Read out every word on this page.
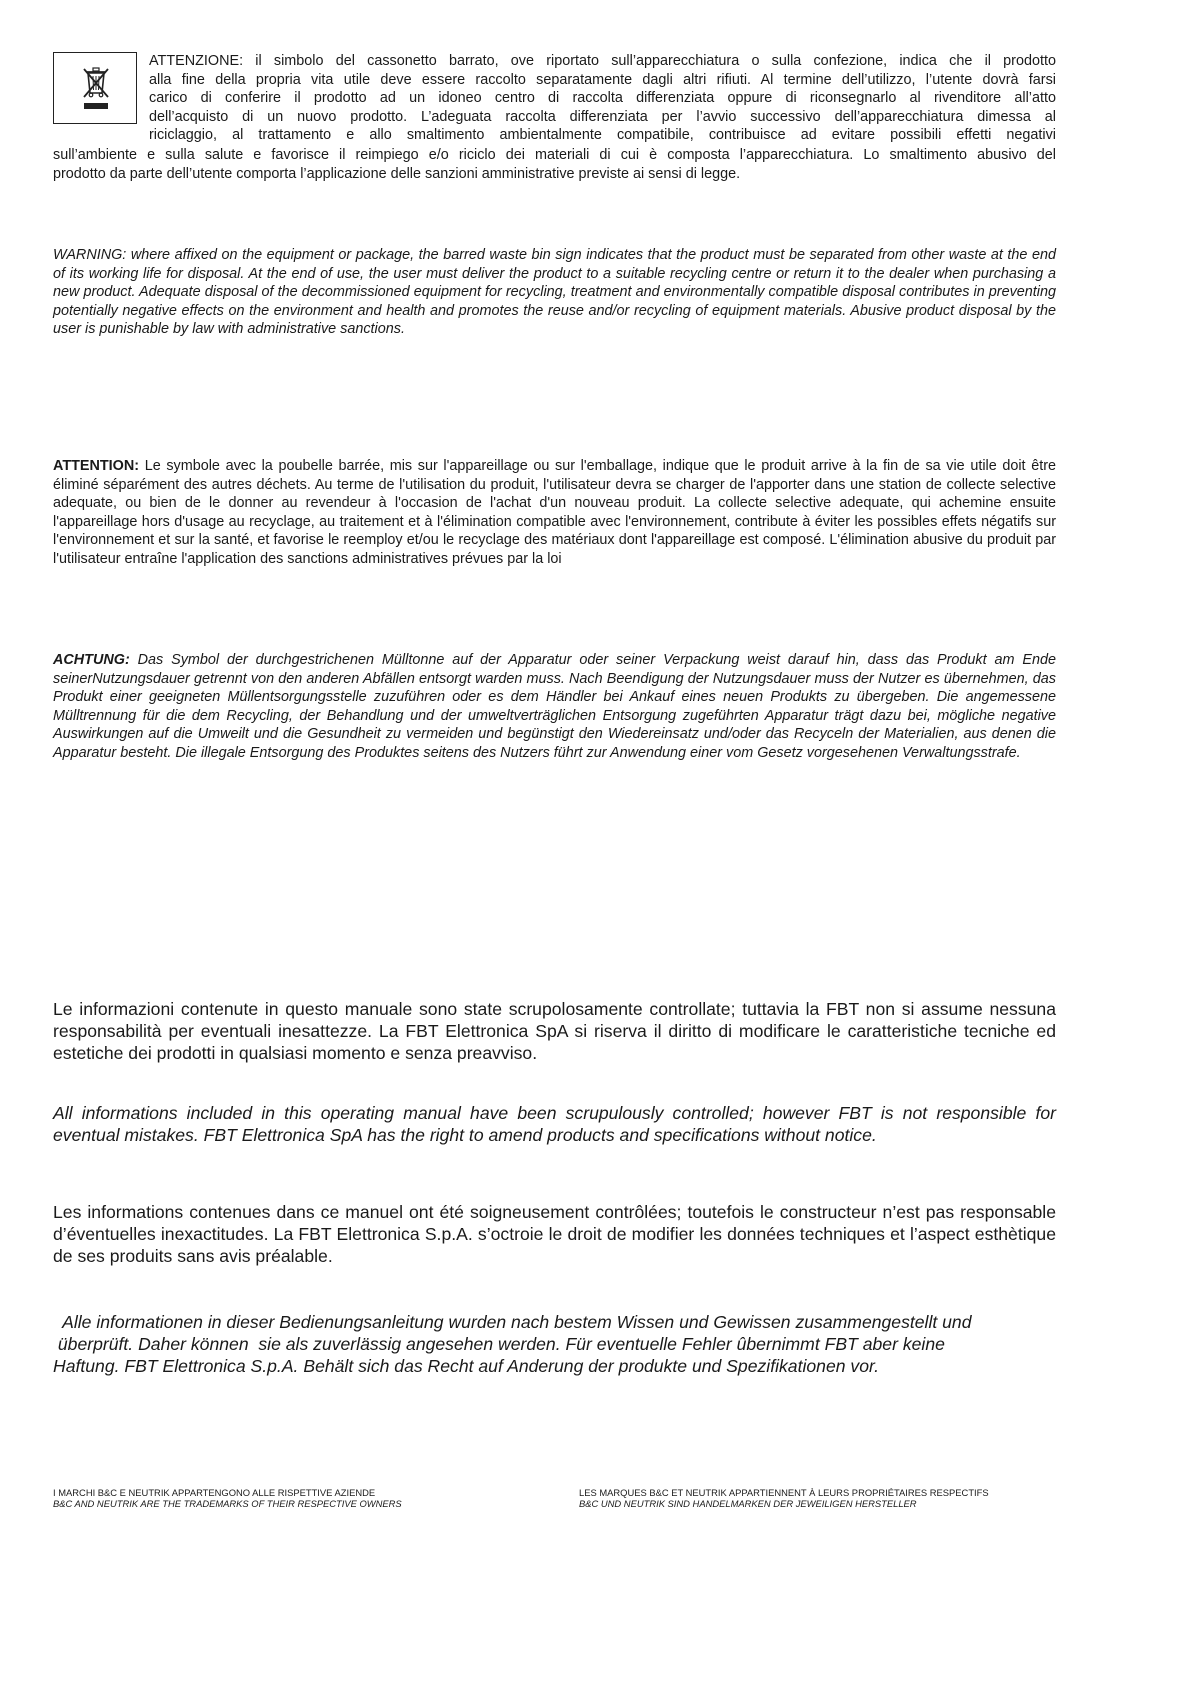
ATTENZIONE: il simbolo del cassonetto barrato, ove riportato sull’apparecchiatura o sulla confezione, indica che il prodotto
alla fine della propria vita utile deve essere raccolto separatamente dagli altri rifiuti. Al termine dell’utilizzo, l’utente dovrà farsi
carico di conferire il prodotto ad un idoneo centro di raccolta differenziata oppure di riconsegnarlo al rivenditore all’atto
dell’acquisto di un nuovo prodotto. L’adeguata raccolta differenziata per l’avvio successivo dell’apparecchiatura dimessa al
riciclaggio, al trattamento e allo smaltimento ambientalmente compatibile, contribuisce ad evitare possibili effetti negativi
sull’ambiente e sulla salute e favorisce il reimpiego e/o riciclo dei materiali di cui è composta l’apparecchiatura. Lo smaltimento abusivo del
prodotto da parte dell’utente comporta l’applicazione delle sanzioni amministrative previste ai sensi di legge.
WARNING: where affixed on the equipment or package, the barred waste bin sign indicates that the product must be separated from other waste at the end of its working life for disposal. At the end of use, the user must deliver the product to a suitable recycling centre or return it to the dealer when purchasing a new product. Adequate disposal of the decommissioned equipment for recycling, treatment and environmentally compatible disposal contributes in preventing potentially negative effects on the environment and health and promotes the reuse and/or recycling of equipment materials. Abusive product disposal by the user is punishable by law with administrative sanctions.
ATTENTION: Le symbole avec la poubelle barrée, mis sur l'appareillage ou sur l'emballage, indique que le produit arrive à la fin de sa vie utile doit être éliminé séparément des autres déchets. Au terme de l'utilisation du produit, l'utilisateur devra se charger de l'apporter dans une station de collecte selective adequate, ou bien de le donner au revendeur à l'occasion de l'achat d'un nouveau produit. La collecte selective adequate, qui achemine ensuite l'appareillage hors d'usage au recyclage, au traitement et à l'élimination compatible avec l'environnement, contribute à éviter les possibles effets négatifs sur l'environnement et sur la santé, et favorise le reemploy et/ou le recyclage des matériaux dont l'appareillage est composé. L'élimination abusive du produit par l'utilisateur entraîne l'application des sanctions administratives prévues par la loi
ACHTUNG: Das Symbol der durchgestrichenen Mülltonne auf der Apparatur oder seiner Verpackung weist darauf hin, dass das Produkt am Ende seinerNutzungsdauer getrennt von den anderen Abfällen entsorgt warden muss. Nach Beendigung der Nutzungsdauer muss der Nutzer es übernehmen, das Produkt einer geeigneten Müllentsorgungsstelle zuzuführen oder es dem Händler bei Ankauf eines neuen Produkts zu übergeben. Die angemessene Mülltrennung für die dem Recycling, der Behandlung und der umweltverträglichen Entsorgung zugeführten Apparatur trägt dazu bei, mögliche negative Auswirkungen auf die Umweilt und die Gesundheit zu vermeiden und begünstigt den Wiedereinsatz und/oder das Recyceln der Materialien, aus denen die Apparatur besteht. Die illegale Entsorgung des Produktes seitens des Nutzers führt zur Anwendung einer vom Gesetz vorgesehenen Verwaltungsstrafe.
Le informazioni contenute in questo manuale sono state scrupolosamente controllate; tuttavia la FBT non si assume nessuna responsabilità per eventuali inesattezze. La FBT Elettronica SpA si riserva il diritto di modificare le caratteristiche tecniche ed estetiche dei prodotti in qualsiasi momento e senza preavviso.
All informations included in this operating manual have been scrupulously controlled; however FBT is not responsible for eventual mistakes. FBT Elettronica SpA has the right to amend products and specifications without notice.
Les informations contenues dans ce manuel ont été soigneusement contrôlées; toutefois le constructeur n’est pas responsable d’éventuelles inexactitudes. La FBT Elettronica S.p.A. s’octroie le droit de modifier les données techniques et l’aspect esthètique de ses produits sans avis préalable.
Alle informationen in dieser Bedienungsanleitung wurden nach bestem Wissen und Gewissen zusammengestellt und
überprüft. Daher können  sie als zuverlässig angesehen werden. Für eventuelle Fehler ûbernimmt FBT aber keine
Haftung. FBT Elettronica S.p.A. Behält sich das Recht auf Anderung der produkte und Spezifikationen vor.
I MARCHI B&C E NEUTRIK APPARTENGONO ALLE RISPETTIVE AZIENDE
B&C AND NEUTRIK ARE THE TRADEMARKS OF THEIR RESPECTIVE OWNERS
LES MARQUES B&C ET NEUTRIK APPARTIENNENT À LEURS PROPRIÉTAIRES RESPECTIFS
B&C UND NEUTRIK SIND HANDELMARKEN DER JEWEILIGEN HERSTELLER
